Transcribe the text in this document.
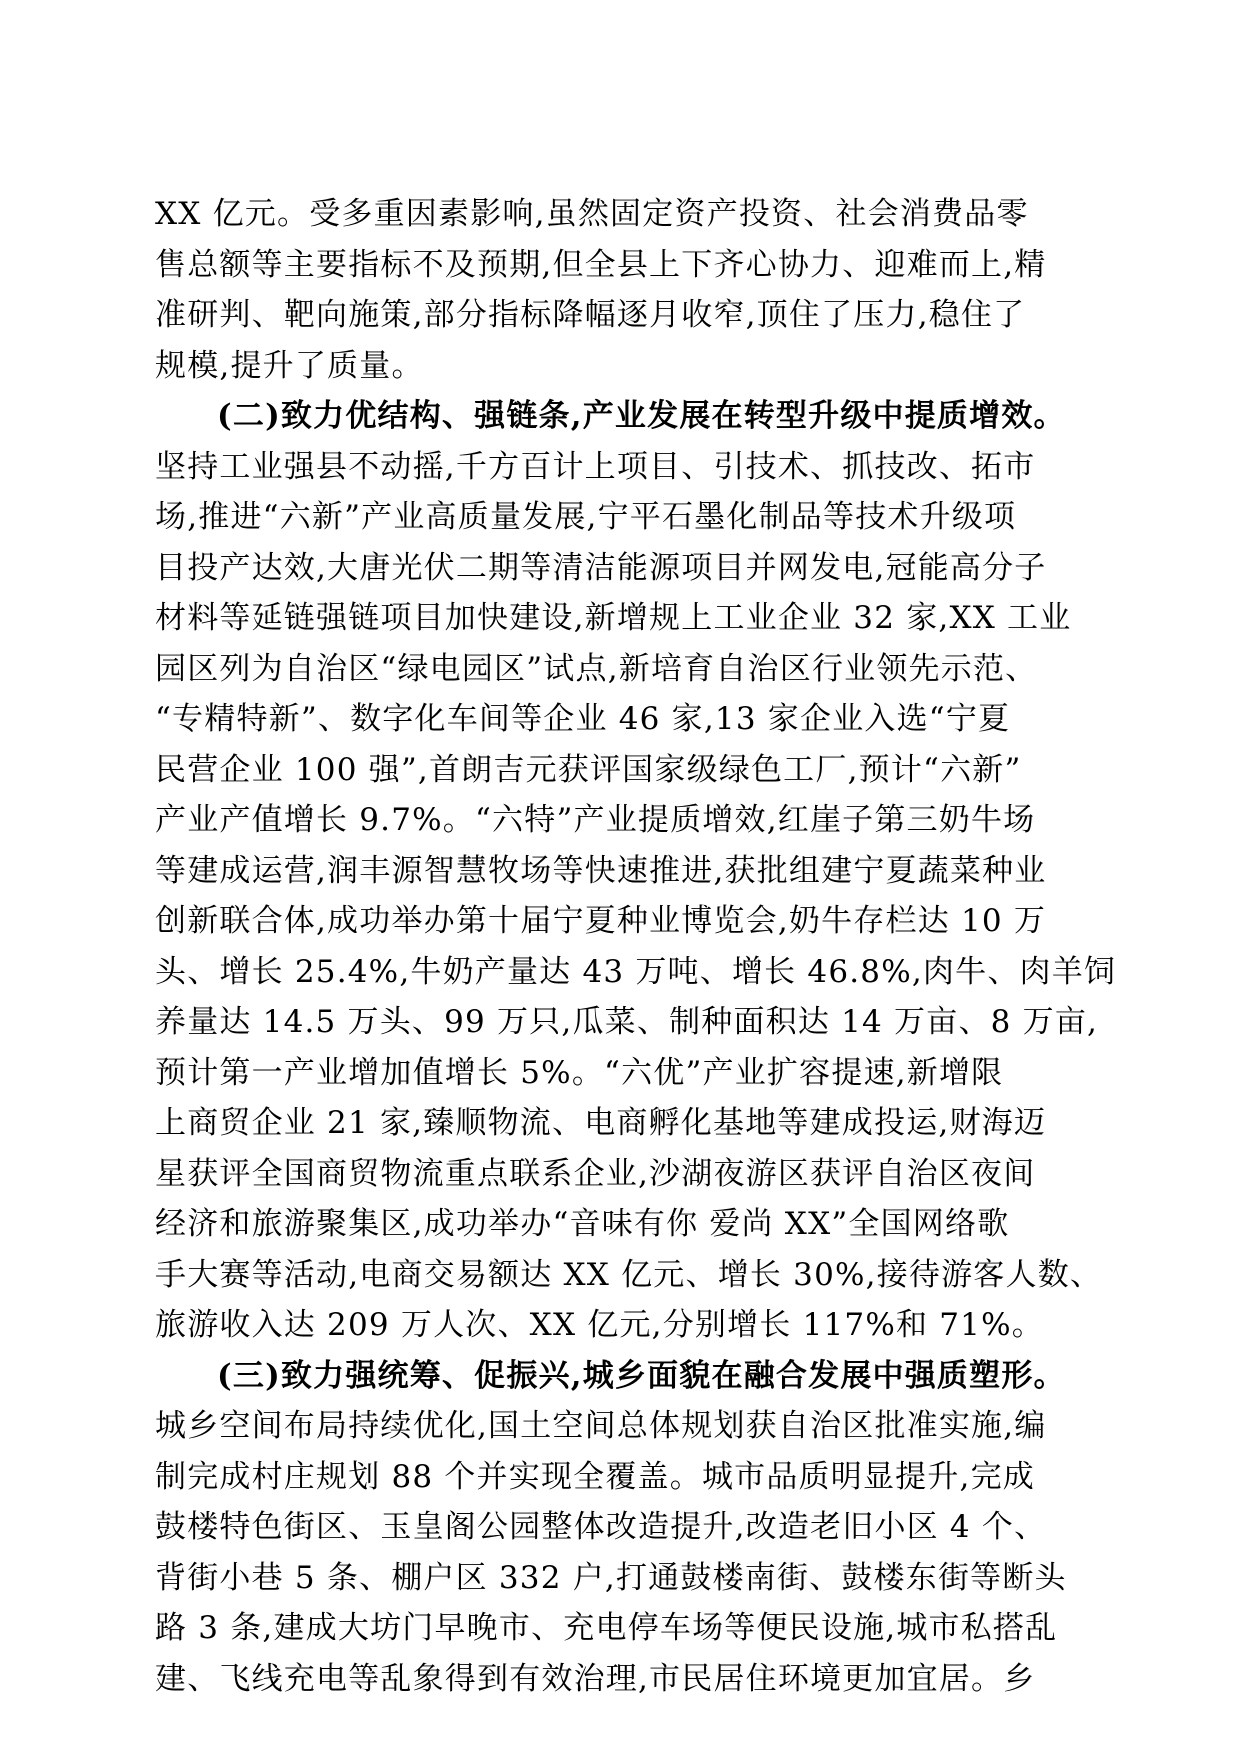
XX 亿元。受多重因素影响,虽然固定资产投资、社会消费品零
售总额等主要指标不及预期,但全县上下齐心协力、迎难而上,精
准研判、靶向施策,部分指标降幅逐月收窄,顶住了压力,稳住了
规模,提升了质量。
(二)致力优结构、强链条,产业发展在转型升级中提质增效。
坚持工业强县不动摇,千方百计上项目、引技术、抓技改、拓市
场,推进“六新”产业高质量发展,宁平石墨化制品等技术升级项
目投产达效,大唐光伏二期等清洁能源项目并网发电,冠能高分子
材料等延链强链项目加快建设,新增规上工业企业 32 家,XX 工业
园区列为自治区“绿电园区”试点,新培育自治区行业领先示范、
“专精特新”、数字化车间等企业 46 家,13 家企业入选“宁夏
民营企业 100 强”,首朗吉元获评国家级绿色工厂,预计“六新”
产业产值增长 9.7%。“六特”产业提质增效,红崖子第三奶牛场
等建成运营,润丰源智慧牧场等快速推进,获批组建宁夏蔬菜种业
创新联合体,成功举办第十届宁夏种业博览会,奶牛存栏达 10 万
头、增长 25.4%,牛奶产量达 43 万吨、增长 46.8%,肉牛、肉羊饲
养量达 14.5 万头、99 万只,瓜菜、制种面积达 14 万亩、8 万亩,
预计第一产业增加值增长 5%。“六优”产业扩容提速,新增限
上商贸企业 21 家,臻顺物流、电商孵化基地等建成投运,财海迈
星获评全国商贸物流重点联系企业,沙湖夜游区获评自治区夜间
经济和旅游聚集区,成功举办“音味有你 爱尚 XX”全国网络歌
手大赛等活动,电商交易额达 XX 亿元、增长 30%,接待游客人数、
旅游收入达 209 万人次、XX 亿元,分别增长 117%和 71%。
(三)致力强统筹、促振兴,城乡面貌在融合发展中强质塑形。
城乡空间布局持续优化,国土空间总体规划获自治区批准实施,编
制完成村庄规划 88 个并实现全覆盖。城市品质明显提升,完成
鼓楼特色街区、玉皇阁公园整体改造提升,改造老旧小区 4 个、
背街小巷 5 条、棚户区 332 户,打通鼓楼南街、鼓楼东街等断头
路 3 条,建成大坊门早晚市、充电停车场等便民设施,城市私搭乱
建、飞线充电等乱象得到有效治理,市民居住环境更加宜居。乡
